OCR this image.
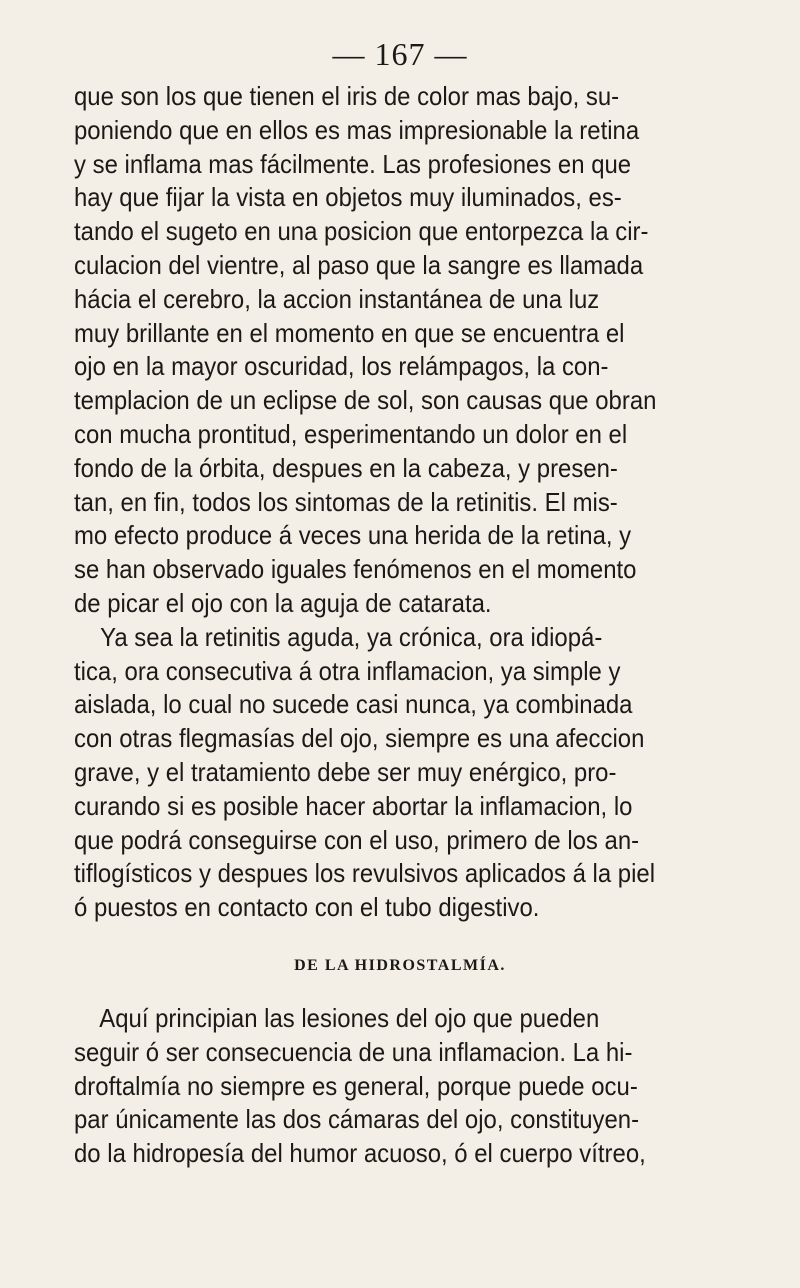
— 167 —
que son los que tienen el iris de color mas bajo, su-
poniendo que en ellos es mas impresionable la retina
y se inflama mas fácilmente. Las profesiones en que
hay que fijar la vista en objetos muy iluminados, es-
tando el sugeto en una posicion que entorpezca la cir-
culacion del vientre, al paso que la sangre es llamada
hácia el cerebro, la accion instantánea de una luz
muy brillante en el momento en que se encuentra el
ojo en la mayor oscuridad, los relámpagos, la con-
templacion de un eclipse de sol, son causas que obran
con mucha prontitud, esperimentando un dolor en el
fondo de la órbita, despues en la cabeza, y presen-
tan, en fin, todos los sintomas de la retinitis. El mis-
mo efecto produce á veces una herida de la retina, y
se han observado iguales fenómenos en el momento
de picar el ojo con la aguja de catarata.
Ya sea la retinitis aguda, ya crónica, ora idiopá-
tica, ora consecutiva á otra inflamacion, ya simple y
aislada, lo cual no sucede casi nunca, ya combinada
con otras flegmasías del ojo, siempre es una afeccion
grave, y el tratamiento debe ser muy enérgico, pro-
curando si es posible hacer abortar la inflamacion, lo
que podrá conseguirse con el uso, primero de los an-
tiflogísticos y despues los revulsivos aplicados á la piel
ó puestos en contacto con el tubo digestivo.
DE LA HIDROSTALMÍA.
Aquí principian las lesiones del ojo que pueden
seguir ó ser consecuencia de una inflamacion. La hi-
droftalmía no siempre es general, porque puede ocu-
par únicamente las dos cámaras del ojo, constituyen-
do la hidropesía del humor acuoso, ó el cuerpo vítreo,
